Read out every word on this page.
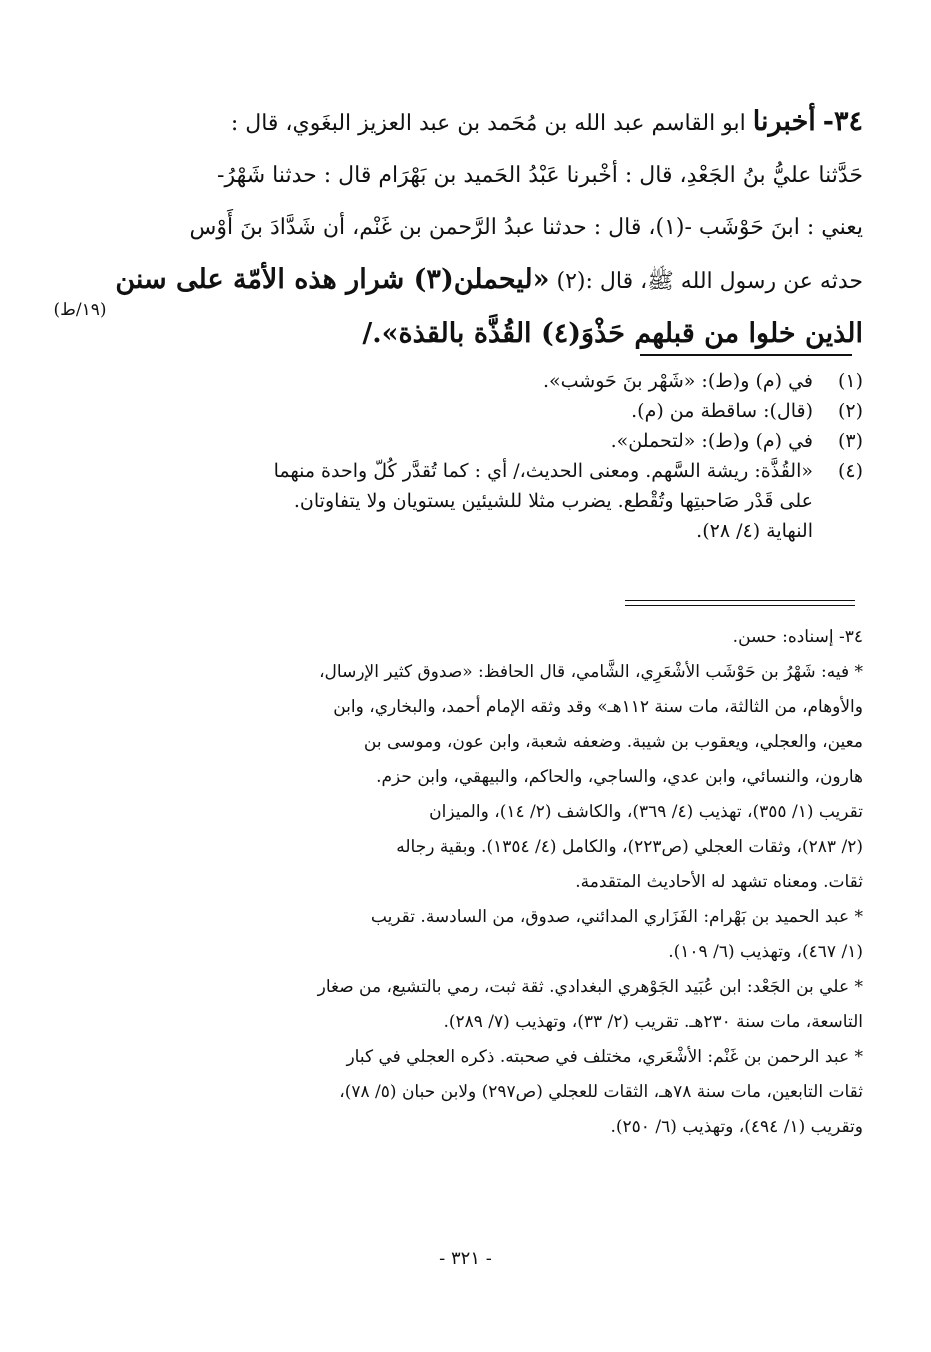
٣٤- أخبرنا ابو القاسم عبد الله بن مُحَمد بن عبد العزيز البغَوي، قال :
حَدَّثنا عليُّ بنُ الجَعْدِ، قال : أخْبرنا عَبْدُ الحَميد بن بَهْرَام قال : حدثنا شَهْرُ-
يعني : ابنَ حَوْشَب -(١)، قال : حدثنا عبدُ الرَّحمن بن غَنْم، أن شَدَّادَ بنَ أَوْس
حدثه عن رسول الله ﷺ، قال :(٢) «ليحملن(٣) شرار هذه الأمّة على سنن
الذين خلوا من قبلهم حَذْوَ(٤) القُذَّة بالقذة»./
(١٩/ط)
(١)
في (م) و(ط): «شَهْر بنَ حَوشب».
(٢)
(قال): ساقطة من (م).
(٣)
في (م) و(ط): «لتحملن».
(٤)
«القُذَّة: ريشة السَّهم. ومعنى الحديث،/ أي : كما تُقدَّر كُلّ واحدة منهما
على قَدْر صَاحبتِها وتُقْطع. يضرب مثلا للشيئين يستويان ولا يتفاوتان.
النهاية (٤/ ٢٨).
٣٤- إسناده: حسن.
* فيه: شَهْرُ بن حَوْشَب الأشْعَرِي، الشَّامي، قال الحافظ: «صدوق كثير الإرسال،
والأوهام، من الثالثة، مات سنة ١١٢هـ» وقد وثقه الإمام أحمد، والبخاري، وابن
معين، والعجلي، ويعقوب بن شيبة. وضعفه شعبة، وابن عون، وموسى بن
هارون، والنسائي، وابن عدي، والساجي، والحاكم، والبيهقي، وابن حزم.
تقريب (١/ ٣٥٥)، تهذيب (٤/ ٣٦٩)، والكاشف (٢/ ١٤)، والميزان
(٢/ ٢٨٣)، وثقات العجلي (ص٢٢٣)، والكامل (٤/ ١٣٥٤). وبقية رجاله
ثقات. ومعناه تشهد له الأحاديث المتقدمة.
* عبد الحميد بن بَهْرام: الفَزَاري المدائني، صدوق، من السادسة. تقريب
(١/ ٤٦٧)، وتهذيب (٦/ ١٠٩).
* علي بن الجَعْد: ابن عُبَيد الجَوْهري البغدادي. ثقة ثبت، رمي بالتشيع، من صغار
التاسعة، مات سنة ٢٣٠هـ. تقريب (٢/ ٣٣)، وتهذيب (٧/ ٢٨٩).
* عبد الرحمن بن غَنْم: الأشْعَري، مختلف في صحبته. ذكره العجلي في كبار
ثقات التابعين، مات سنة ٧٨هـ، الثقات للعجلي (ص٢٩٧) ولابن حبان (٥/ ٧٨)،
وتقريب (١/ ٤٩٤)، وتهذيب (٦/ ٢٥٠).
- ٣٢١ -
